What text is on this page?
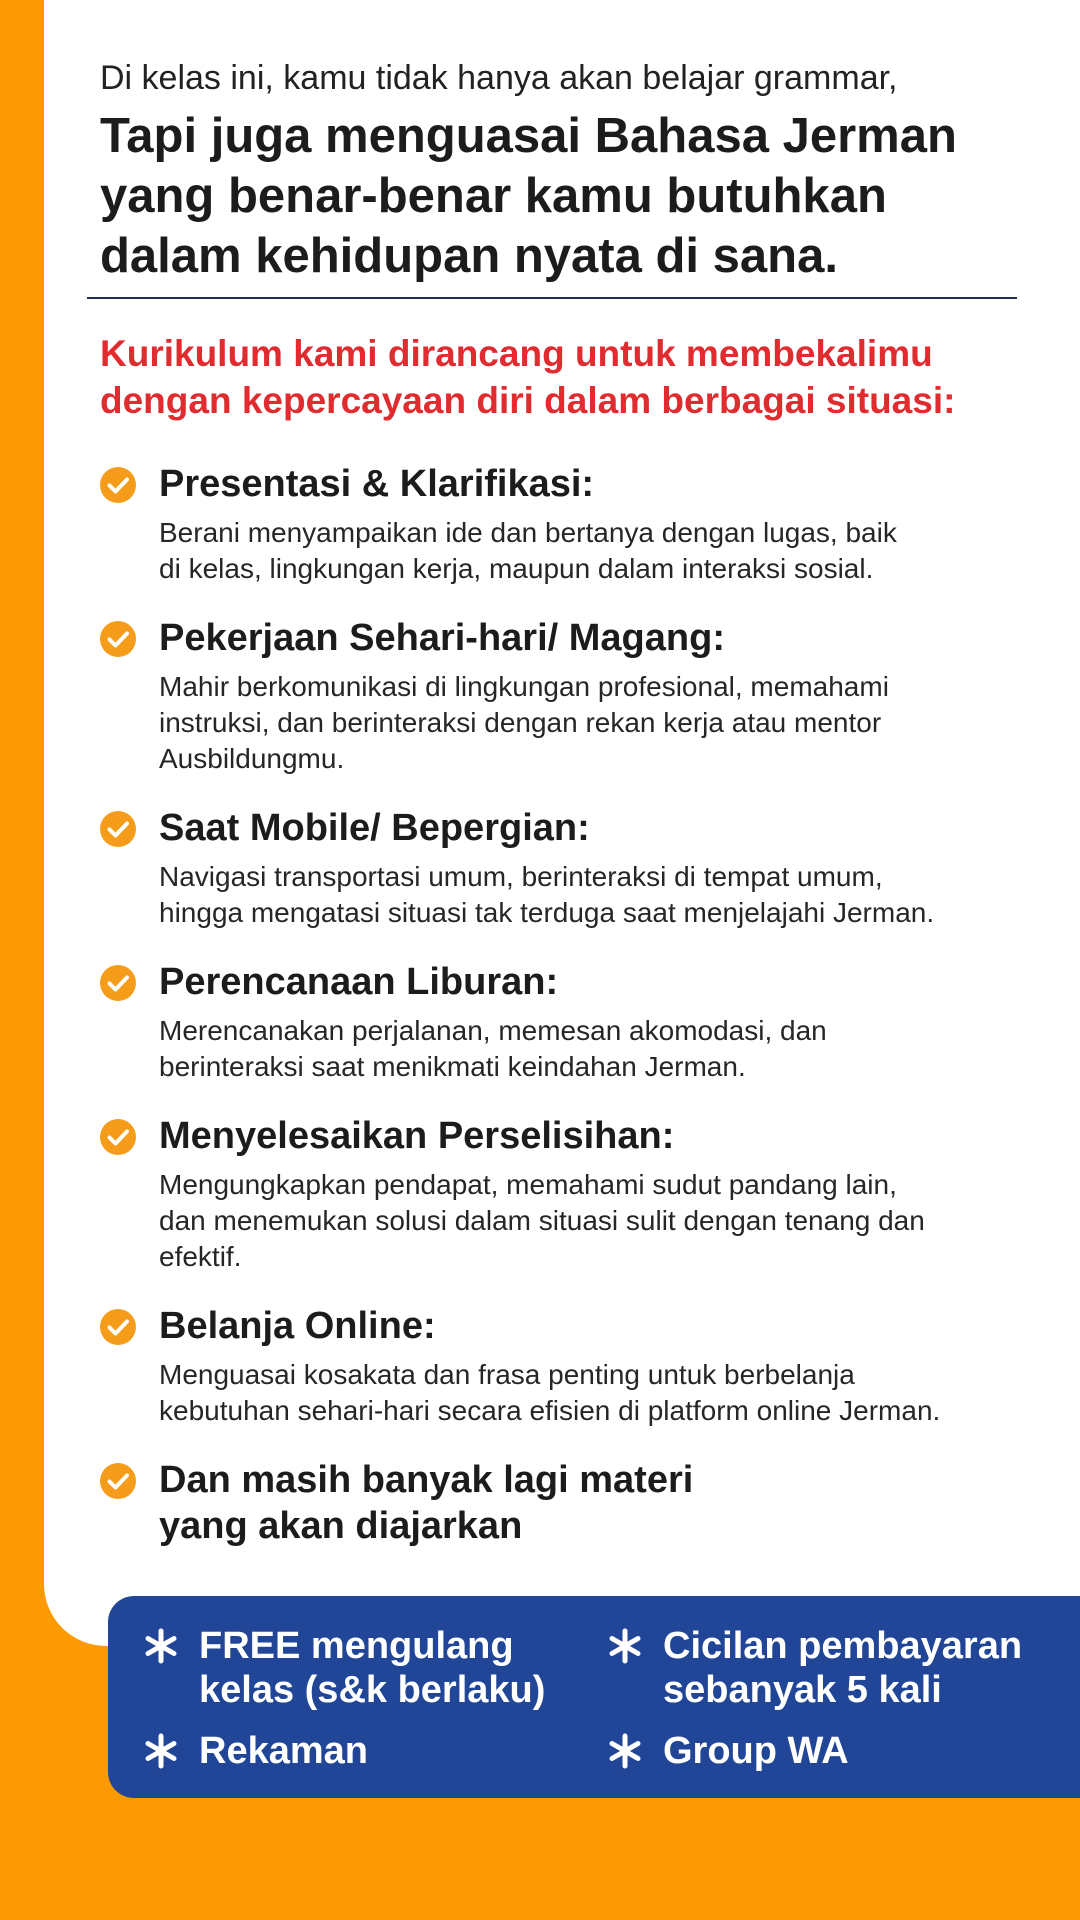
Di kelas ini, kamu tidak hanya akan belajar grammar,

Tapi juga menguasai Bahasa Jerman
yang benar-benar kamu butuhkan
dalam kehidupan nyata di sana.
Kurikulum kami dirancang untuk membekalimu
dengan kepercayaan diri dalam berbagai situasi:

Presentasi & Klarifikasi:

Berani menyampaikan ide dan bertanya dengan lugas, baik
di kelas, lingkungan kerja, maupun dalam interaksi sosial.

Pekerjaan Sehari-hari/ Magang:

Mahir berkomunikasi di lingkungan profesional, memahami
instruksi, dan berinteraksi dengan rekan kerja atau mentor
Ausbildungmu.

Saat Mobile/ Bepergian:

Navigasi transportasi umum, berinteraksi di tempat umum,
hingga mengatasi situasi tak terduga saat menjelajahi Jerman.

Perencanaan Liburan:

Merencanakan perjalanan, memesan akomodasi, dan
berinteraksi saat menikmati keindahan Jerman.

Menyelesaikan Perselisihan:

Mengungkapkan pendapat, memahami sudut pandang lain,
dan menemukan solusi dalam situasi sulit dengan tenang dan
efektif.

Belanja Online:

Menguasai kosakata dan frasa penting untuk berbelanja
kebutuhan sehari-hari secara efisien di platform online Jerman.

Dan masih banyak lagi materi
yang akan diajarkan

FREE mengulang
kelas (s&k berlaku)
Cicilan pembayaran
sebanyak 5 kali
Rekaman	Group WA
